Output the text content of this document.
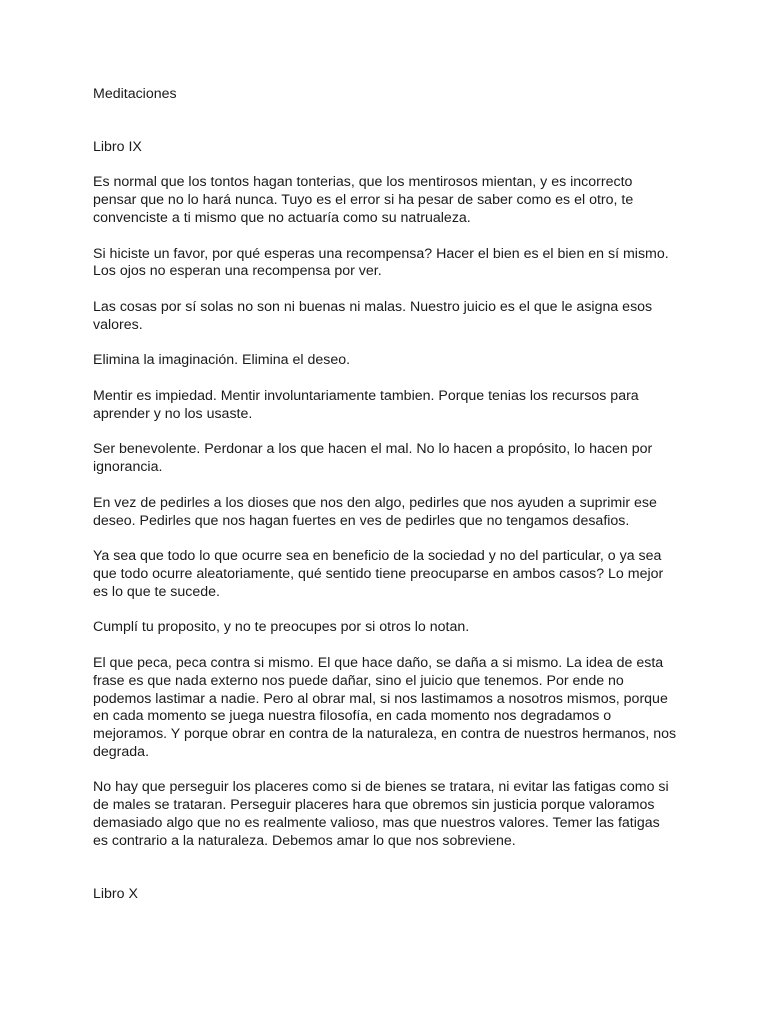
Meditaciones
Libro IX

Es normal que los tontos hagan tonterias, que los mentirosos mientan, y es incorrecto pensar que no lo hará nunca. Tuyo es el error si ha pesar de saber como es el otro, te convenciste a ti mismo que no actuaría como su natrualeza.

Si hiciste un favor, por qué esperas una recompensa? Hacer el bien es el bien en sí mismo. Los ojos no esperan una recompensa por ver.

Las cosas por sí solas no son ni buenas ni malas. Nuestro juicio es el que le asigna esos valores.

Elimina la imaginación. Elimina el deseo.

Mentir es impiedad. Mentir involuntariamente tambien. Porque tenias los recursos para aprender y no los usaste.

Ser benevolente. Perdonar a los que hacen el mal. No lo hacen a propósito, lo hacen por ignorancia.

En vez de pedirles a los dioses que nos den algo, pedirles que nos ayuden a suprimir ese deseo. Pedirles que nos hagan fuertes en ves de pedirles que no tengamos desafios.

Ya sea que todo lo que ocurre sea en beneficio de la sociedad y no del particular, o ya sea que todo ocurre aleatoriamente, qué sentido tiene preocuparse en ambos casos? Lo mejor es lo que te sucede.

Cumplí tu proposito, y no te preocupes por si otros lo notan.

El que peca, peca contra si mismo. El que hace daño, se daña a si mismo. La idea de esta frase es que nada externo nos puede dañar, sino el juicio que tenemos. Por ende no podemos lastimar a nadie. Pero al obrar mal, si nos lastimamos a nosotros mismos, porque en cada momento se juega nuestra filosofía, en cada momento nos degradamos o mejoramos. Y porque obrar en contra de la naturaleza, en contra de nuestros hermanos, nos degrada.

No hay que perseguir los placeres como si de bienes se tratara, ni evitar las fatigas como si de males se trataran. Perseguir placeres hara que obremos sin justicia porque valoramos demasiado algo que no es realmente valioso, mas que nuestros valores. Temer las fatigas es contrario a la naturaleza. Debemos amar lo que nos sobreviene.

Libro X
